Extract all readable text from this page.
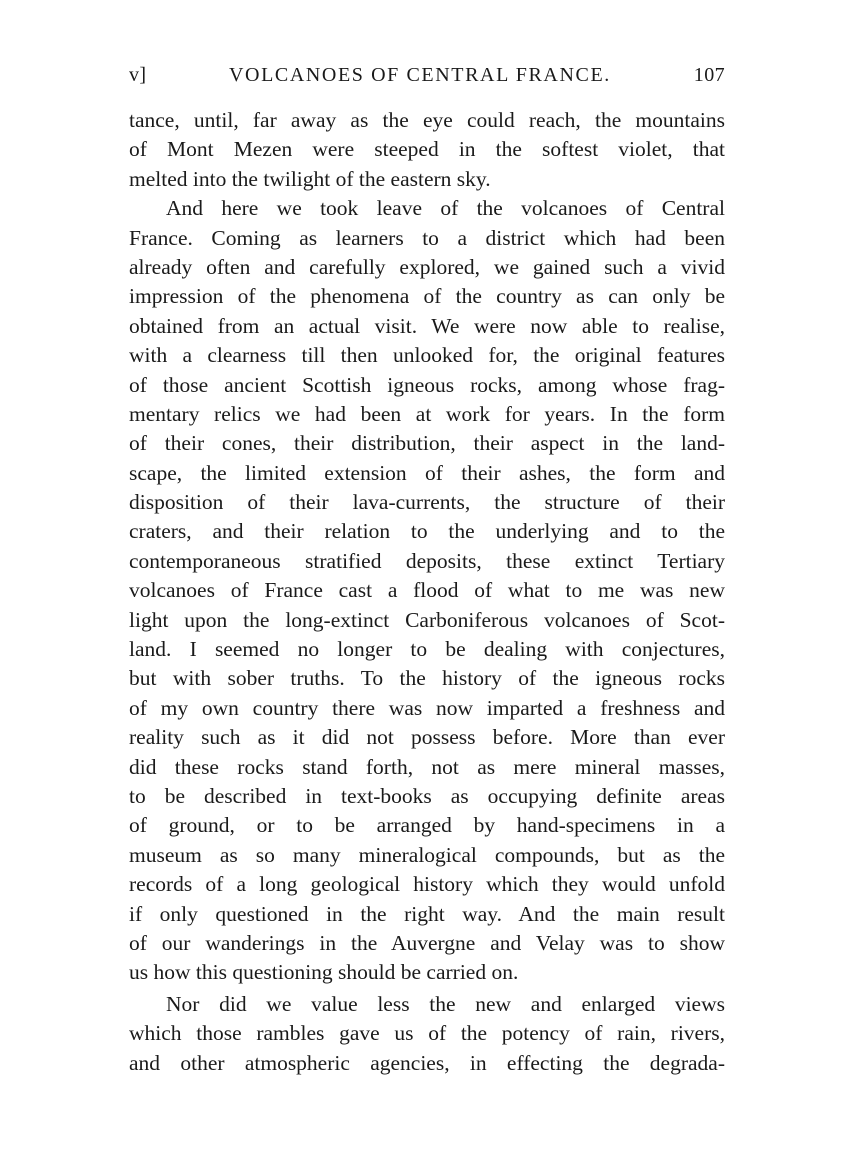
v]	VOLCANOES OF CENTRAL FRANCE.	107
tance, until, far away as the eye could reach, the mountains
of Mont Mezen were steeped in the softest violet, that
melted into the twilight of the eastern sky.
And here we took leave of the volcanoes of Central
France. Coming as learners to a district which had been
already often and carefully explored, we gained such a vivid
impression of the phenomena of the country as can only be
obtained from an actual visit. We were now able to realise,
with a clearness till then unlooked for, the original features
of those ancient Scottish igneous rocks, among whose frag-
mentary relics we had been at work for years. In the form
of their cones, their distribution, their aspect in the land-
scape, the limited extension of their ashes, the form and
disposition of their lava-currents, the structure of their
craters, and their relation to the underlying and to the
contemporaneous stratified deposits, these extinct Tertiary
volcanoes of France cast a flood of what to me was new
light upon the long-extinct Carboniferous volcanoes of Scot-
land. I seemed no longer to be dealing with conjectures,
but with sober truths. To the history of the igneous rocks
of my own country there was now imparted a freshness and
reality such as it did not possess before. More than ever
did these rocks stand forth, not as mere mineral masses,
to be described in text-books as occupying definite areas
of ground, or to be arranged by hand-specimens in a
museum as so many mineralogical compounds, but as the
records of a long geological history which they would unfold
if only questioned in the right way. And the main result
of our wanderings in the Auvergne and Velay was to show
us how this questioning should be carried on.
Nor did we value less the new and enlarged views
which those rambles gave us of the potency of rain, rivers,
and other atmospheric agencies, in effecting the degrada-
